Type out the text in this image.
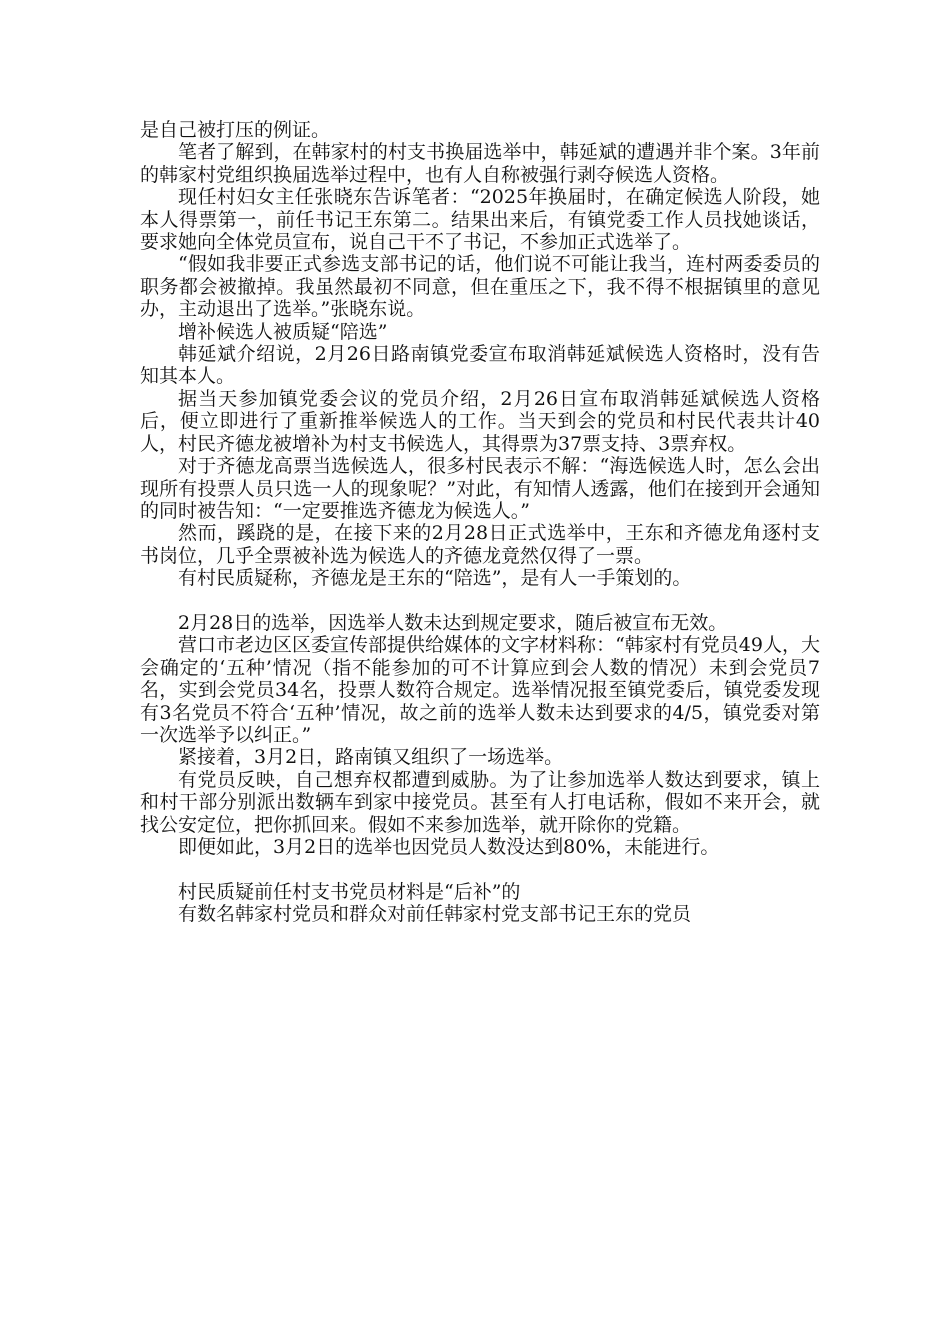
是自己被打压的例证。

笔者了解到，在韩家村的村支书换届选举中，韩延斌的遭遇并非个案。3年前的韩家村党组织换届选举过程中，也有人自称被强行剥夺候选人资格。

现任村妇女主任张晓东告诉笔者：“2025年换届时，在确定候选人阶段，她本人得票第一，前任书记王东第二。结果出来后，有镇党委工作人员找她谈话，要求她向全体党员宣布，说自己干不了书记，不参加正式选举了。

“假如我非要正式参选支部书记的话，他们说不可能让我当，连村两委委员的职务都会被撤掉。我虽然最初不同意，但在重压之下，我不得不根据镇里的意见办，主动退出了选举。”张晓东说。

增补候选人被质疑“陪选”

韩延斌介绍说，2月26日路南镇党委宣布取消韩延斌候选人资格时，没有告知其本人。

据当天参加镇党委会议的党员介绍，2月26日宣布取消韩延斌候选人资格后，便立即进行了重新推举候选人的工作。当天到会的党员和村民代表共计40人，村民齐德龙被增补为村支书候选人，其得票为37票支持、3票弃权。

对于齐德龙高票当选候选人，很多村民表示不解：“海选候选人时，怎么会出现所有投票人员只选一人的现象呢？”对此，有知情人透露，他们在接到开会通知的同时被告知：“一定要推选齐德龙为候选人。”

然而，蹊跷的是，在接下来的2月28日正式选举中，王东和齐德龙角逐村支书岗位，几乎全票被补选为候选人的齐德龙竟然仅得了一票。

有村民质疑称，齐德龙是王东的“陪选”，是有人一手策划的。

2月28日的选举，因选举人数未达到规定要求，随后被宣布无效。

营口市老边区区委宣传部提供给媒体的文字材料称：“韩家村有党员49人，大会确定的‘五种’情况（指不能参加的可不计算应到会人数的情况）未到会党员7名，实到会党员34名，投票人数符合规定。选举情况报至镇党委后，镇党委发现有3名党员不符合‘五种’情况，故之前的选举人数未达到要求的4/5，镇党委对第一次选举予以纠正。”

紧接着，3月2日，路南镇又组织了一场选举。

有党员反映，自己想弃权都遭到威胁。为了让参加选举人数达到要求，镇上和村干部分别派出数辆车到家中接党员。甚至有人打电话称，假如不来开会，就找公安定位，把你抓回来。假如不来参加选举，就开除你的党籍。

即便如此，3月2日的选举也因党员人数没达到80%，未能进行。

村民质疑前任村支书党员材料是“后补”的

有数名韩家村党员和群众对前任韩家村党支部书记王东的党员
